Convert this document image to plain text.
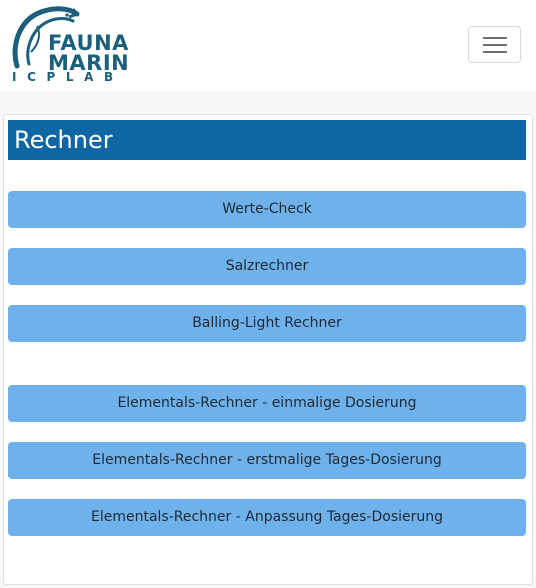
FAUNA
MARIN
ICPLAB
Rechner
Werte-Check
Salzrechner
Balling-Light Rechner
Elementals-Rechner - einmalige Dosierung
Elementals-Rechner - erstmalige Tages-Dosierung
Elementals-Rechner - Anpassung Tages-Dosierung
